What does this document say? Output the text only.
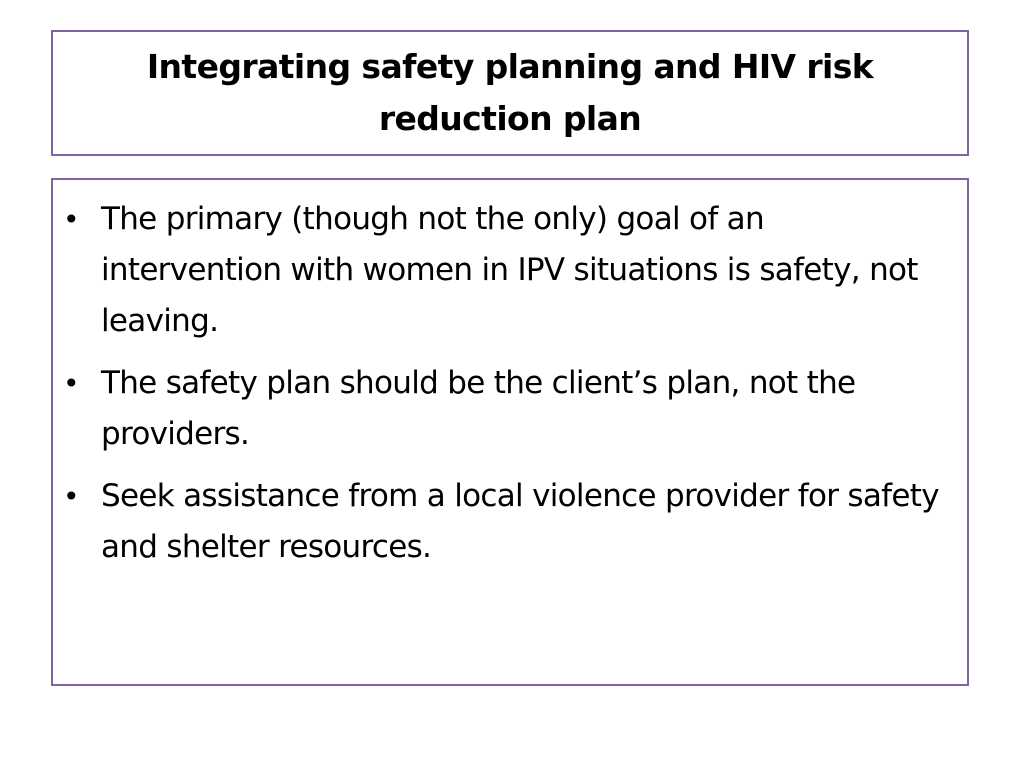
Integrating safety planning and HIV risk reduction plan
• The primary (though not the only) goal of an intervention with women in IPV situations is safety, not leaving.
• The safety plan should be the client’s plan, not the providers.
• Seek assistance from a local violence provider for safety and shelter resources.
